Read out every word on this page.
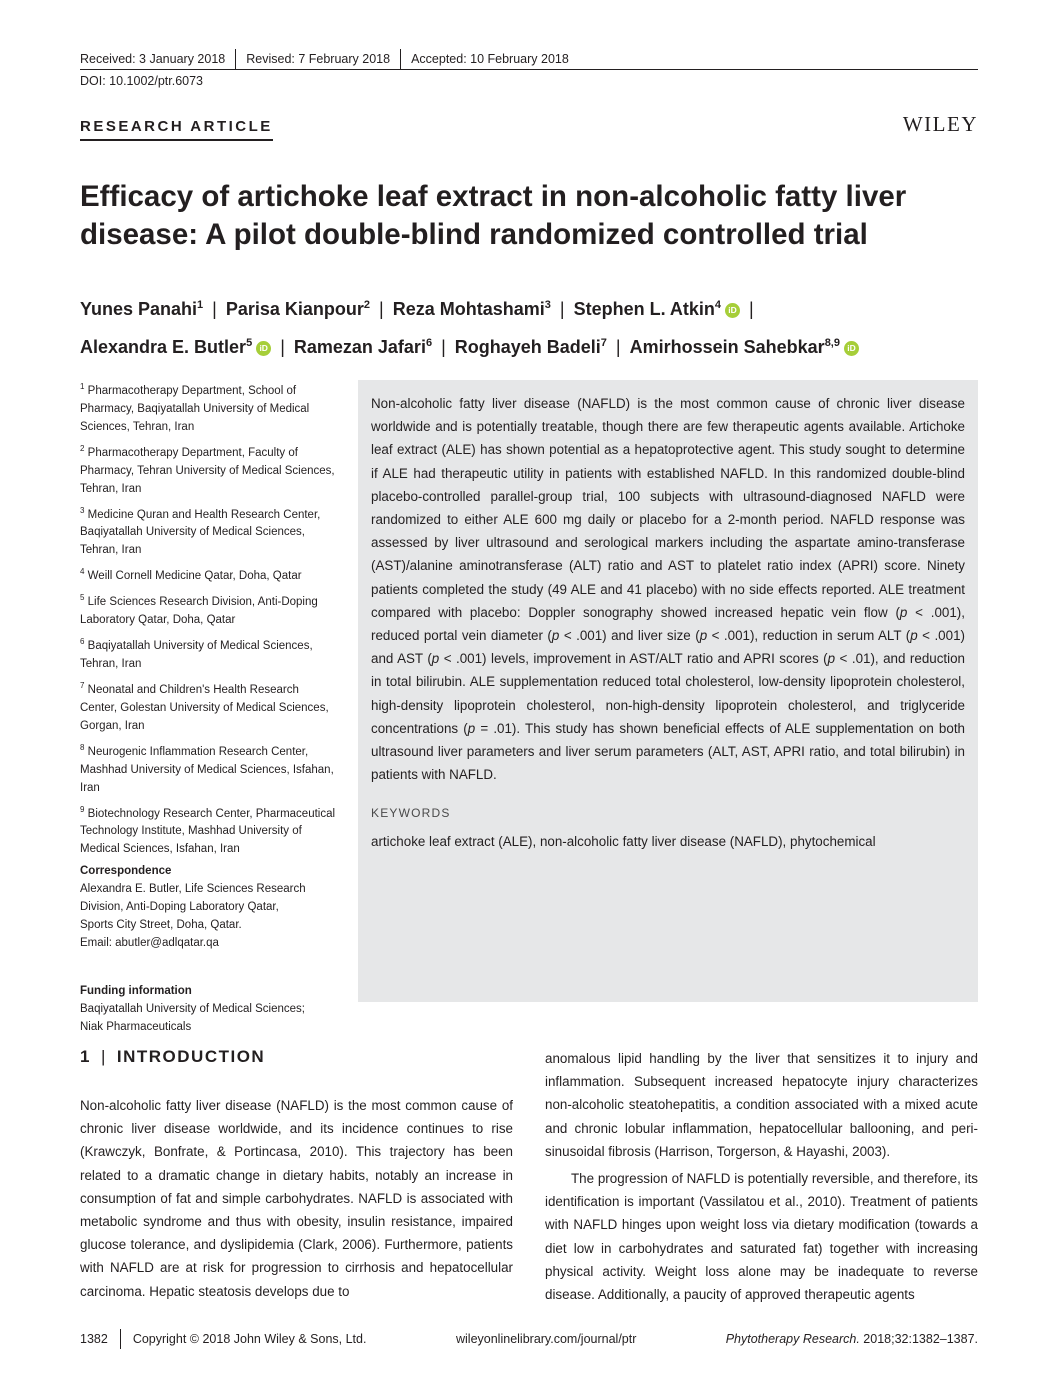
Received: 3 January 2018 Revised: 7 February 2018 Accepted: 10 February 2018
DOI: 10.1002/ptr.6073
RESEARCH ARTICLE	WILEY
Efficacy of artichoke leaf extract in non-alcoholic fatty liver disease: A pilot double-blind randomized controlled trial
Yunes Panahi$^1$ | Parisa Kianpour$^2$ | Reza Mohtashami$^3$ | Stephen L. Atkin$^4$ iD |
Alexandra E. Butler$^5$ iD | Ramezan Jafari$^6$ | Roghayeh Badeli$^7$ | Amirhossein Sahebkar$^{8,9}$ iD
$^1$ Pharmacotherapy Department, School of Pharmacy, Baqiyatallah University of Medical Sciences, Tehran, Iran
$^2$ Pharmacotherapy Department, Faculty of Pharmacy, Tehran University of Medical Sciences, Tehran, Iran
$^3$ Medicine Quran and Health Research Center, Baqiyatallah University of Medical Sciences, Tehran, Iran
$^4$ Weill Cornell Medicine Qatar, Doha, Qatar
$^5$ Life Sciences Research Division, Anti-Doping Laboratory Qatar, Doha, Qatar
$^6$ Baqiyatallah University of Medical Sciences, Tehran, Iran
$^7$ Neonatal and Children's Health Research Center, Golestan University of Medical Sciences, Gorgan, Iran
$^8$ Neurogenic Inflammation Research Center, Mashhad University of Medical Sciences, Isfahan, Iran
$^9$ Biotechnology Research Center, Pharmaceutical Technology Institute, Mashhad University of Medical Sciences, Isfahan, Iran
Correspondence
Alexandra E. Butler, Life Sciences Research
Division, Anti-Doping Laboratory Qatar,
Sports City Street, Doha, Qatar.
Email: abutler@adlqatar.qa
Funding information
Baqiyatallah University of Medical Sciences;
Niak Pharmaceuticals

Non-alcoholic fatty liver disease (NAFLD) is the most common cause of chronic liver disease worldwide and is potentially treatable, though there are few therapeutic agents available. Artichoke leaf extract (ALE) has shown potential as a hepatoprotective agent. This study sought to determine if ALE had therapeutic utility in patients with established NAFLD. In this randomized double-blind placebo-controlled parallel-group trial, 100 subjects with ultrasound-diagnosed NAFLD were randomized to either ALE 600 mg daily or placebo for a 2-month period. NAFLD response was assessed by liver ultrasound and serological markers including the aspartate amino-transferase (AST)/alanine aminotransferase (ALT) ratio and AST to platelet ratio index (APRI) score. Ninety patients completed the study (49 ALE and 41 placebo) with no side effects reported. ALE treatment compared with placebo: Doppler sonography showed increased hepatic vein flow (p < .001), reduced portal vein diameter (p < .001) and liver size (p < .001), reduction in serum ALT (p < .001) and AST (p < .001) levels, improvement in AST/ALT ratio and APRI scores (p < .01), and reduction in total bilirubin. ALE supplementation reduced total cholesterol, low-density lipoprotein cholesterol, high-density lipoprotein cholesterol, non-high-density lipoprotein cholesterol, and triglyceride concentrations (p = .01). This study has shown beneficial effects of ALE supplementation on both ultrasound liver parameters and liver serum parameters (ALT, AST, APRI ratio, and total bilirubin) in patients with NAFLD.

KEYWORDS
artichoke leaf extract (ALE), non-alcoholic fatty liver disease (NAFLD), phytochemical
1 | INTRODUCTION

Non-alcoholic fatty liver disease (NAFLD) is the most common cause of chronic liver disease worldwide, and its incidence continues to rise (Krawczyk, Bonfrate, & Portincasa, 2010). This trajectory has been related to a dramatic change in dietary habits, notably an increase in consumption of fat and simple carbohydrates. NAFLD is associated with metabolic syndrome and thus with obesity, insulin resistance, impaired glucose tolerance, and dyslipidemia (Clark, 2006). Furthermore, patients with NAFLD are at risk for progression to cirrhosis and hepatocellular carcinoma. Hepatic steatosis develops due to

anomalous lipid handling by the liver that sensitizes it to injury and inflammation. Subsequent increased hepatocyte injury characterizes non-alcoholic steatohepatitis, a condition associated with a mixed acute and chronic lobular inflammation, hepatocellular ballooning, and peri-sinusoidal fibrosis (Harrison, Torgerson, & Hayashi, 2003).

The progression of NAFLD is potentially reversible, and therefore, its identification is important (Vassilatou et al., 2010). Treatment of patients with NAFLD hinges upon weight loss via dietary modification (towards a diet low in carbohydrates and saturated fat) together with increasing physical activity. Weight loss alone may be inadequate to reverse disease. Additionally, a paucity of approved therapeutic agents

1382 Copyright © 2018 John Wiley & Sons, Ltd.	wileyonlinelibrary.com/journal/ptr	Phytotherapy Research. 2018;32:1382–1387.
